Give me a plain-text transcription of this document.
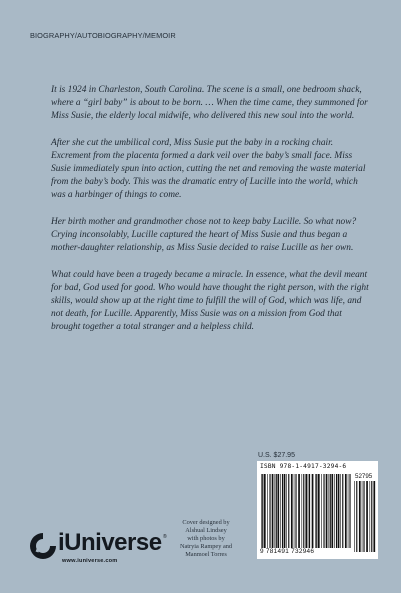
BIOGRAPHY/AUTOBIOGRAPHY/MEMOIR

It is 1924 in Charleston, South Carolina. The scene is a small, one bedroom shack, where a “girl baby” is about to be born. … When the time came, they summoned for Miss Susie, the elderly local midwife, who delivered this new soul into the world.

After she cut the umbilical cord, Miss Susie put the baby in a rocking chair. Excrement from the placenta formed a dark veil over the baby’s small face. Miss Susie immediately spun into action, cutting the net and removing the waste material from the baby’s body. This was the dramatic entry of Lucille into the world, which was a harbinger of things to come.

Her birth mother and grandmother chose not to keep baby Lucille. So what now? Crying inconsolably, Lucille captured the heart of Miss Susie and thus began a mother-daughter relationship, as Miss Susie decided to raise Lucille as her own.

What could have been a tragedy became a miracle. In essence, what the devil meant for bad, God used for good. Who would have thought the right person, with the right skills, would show up at the right time to fulfill the will of God, which was life, and not death, for Lucille. Apparently, Miss Susie was on a mission from God that brought together a total stranger and a helpless child.

U.S. $27.95
ISBN 978-1-4917-3294-6
52795
9 781491 732946
Cover designed by
Alshual Lindsey
with photos by
Natryia Rampey and
Manmoel Torres
iUniverse ®
www.iuniverse.com
